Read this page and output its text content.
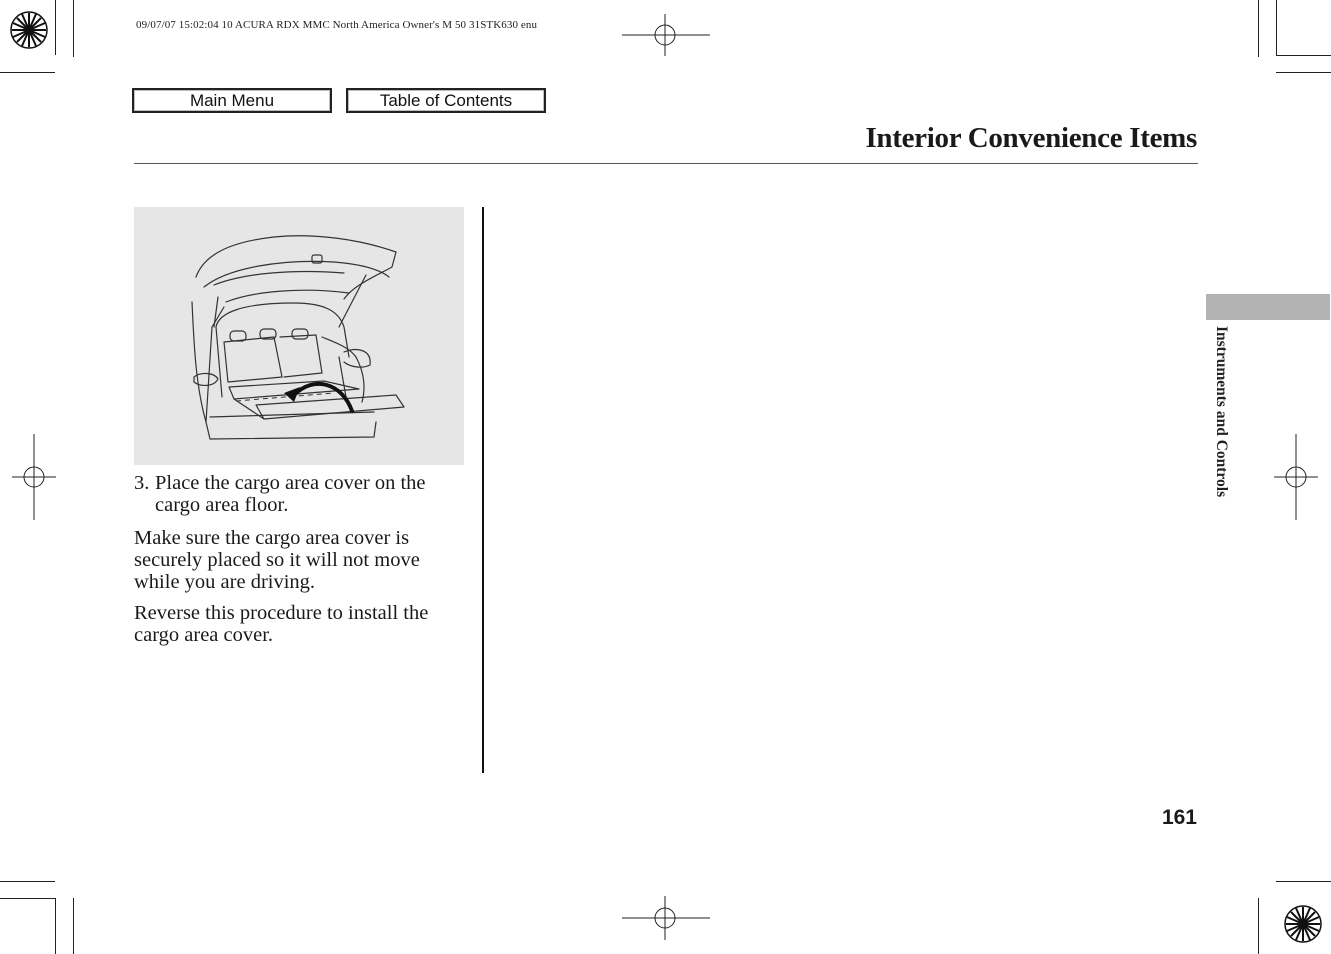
09/07/07 15:02:04 10 ACURA RDX MMC North America Owner's M 50 31STK630 enu
Main Menu	Table of Contents
Interior Convenience Items
3. Place the cargo area cover on the cargo area floor.
Make sure the cargo area cover is securely placed so it will not move while you are driving.
Reverse this procedure to install the cargo area cover.
Instruments and Controls
161
